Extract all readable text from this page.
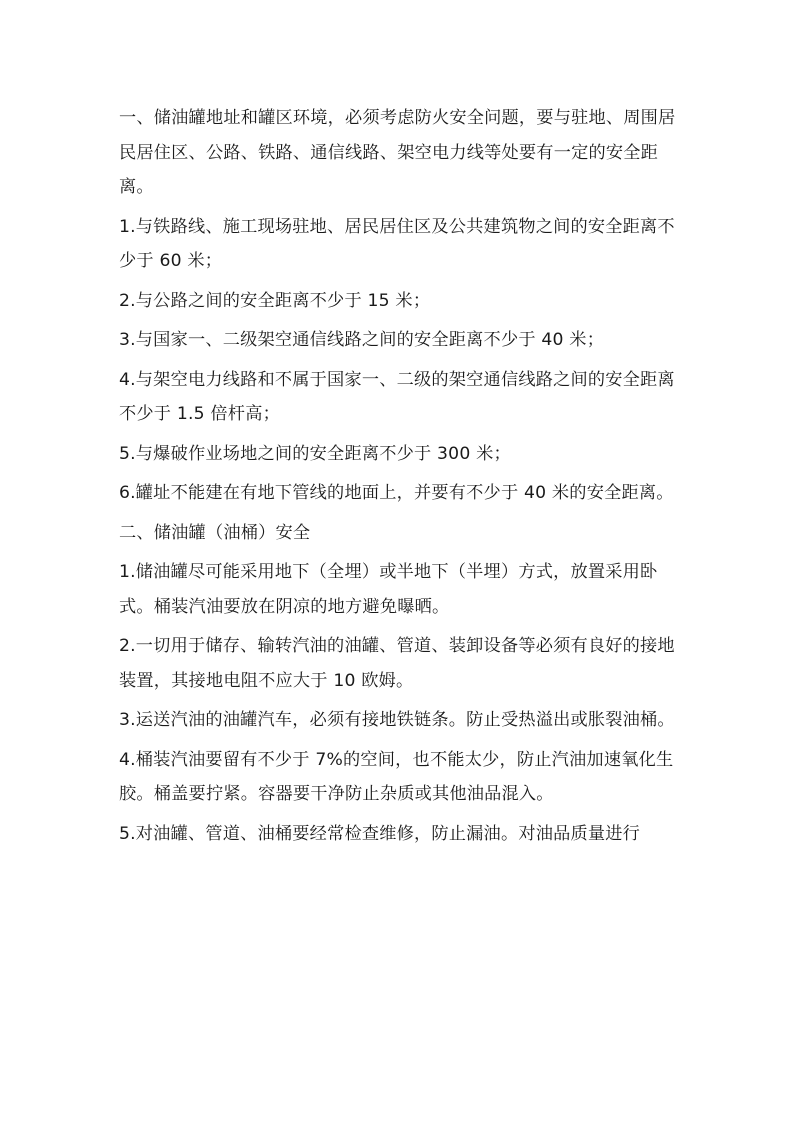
一、储油罐地址和罐区环境，必须考虑防火安全问题，要与驻地、周围居民居住区、公路、铁路、通信线路、架空电力线等处要有一定的安全距离。

1.与铁路线、施工现场驻地、居民居住区及公共建筑物之间的安全距离不少于 60 米；

2.与公路之间的安全距离不少于 15 米；

3.与国家一、二级架空通信线路之间的安全距离不少于 40 米；

4.与架空电力线路和不属于国家一、二级的架空通信线路之间的安全距离不少于 1.5 倍杆高；

5.与爆破作业场地之间的安全距离不少于 300 米；

6.罐址不能建在有地下管线的地面上，并要有不少于 40 米的安全距离。

二、储油罐（油桶）安全

1.储油罐尽可能采用地下（全埋）或半地下（半埋）方式，放置采用卧式。桶装汽油要放在阴凉的地方避免曝晒。

2.一切用于储存、输转汽油的油罐、管道、装卸设备等必须有良好的接地装置，其接地电阻不应大于 10 欧姆。

3.运送汽油的油罐汽车，必须有接地铁链条。防止受热溢出或胀裂油桶。

4.桶装汽油要留有不少于 7%的空间，也不能太少，防止汽油加速氧化生胶。桶盖要拧紧。容器要干净防止杂质或其他油品混入。

5.对油罐、管道、油桶要经常检查维修，防止漏油。对油品质量进行
